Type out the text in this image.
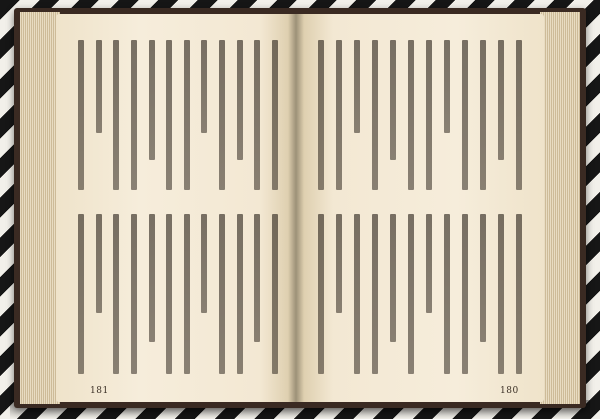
181	180
